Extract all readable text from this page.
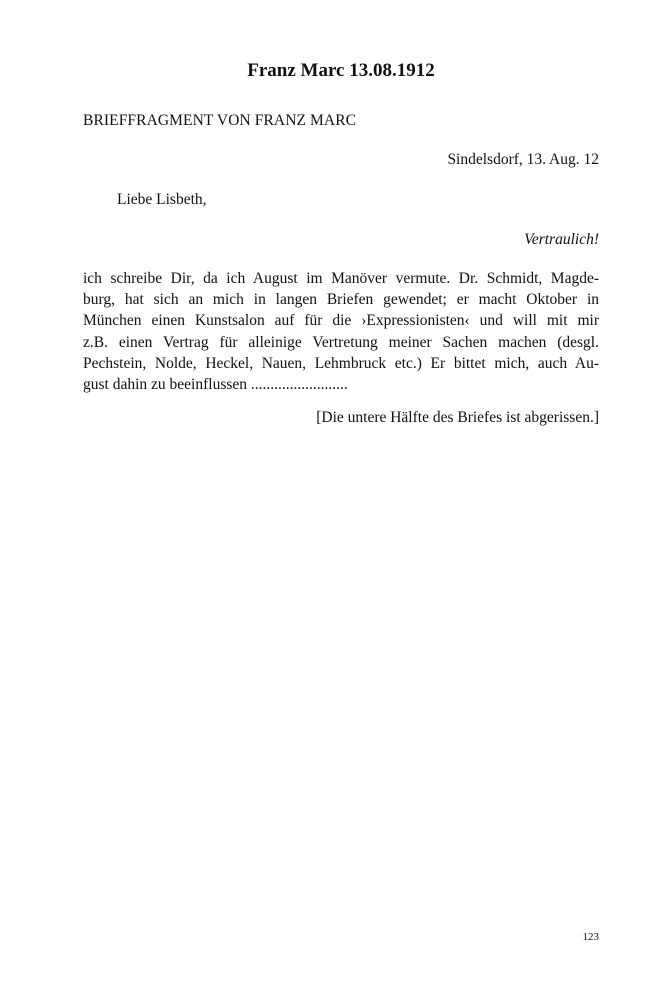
Franz Marc 13.08.1912

BRIEFFRAGMENT VON FRANZ MARC

Sindelsdorf, 13. Aug. 12

Liebe Lisbeth,

Vertraulich!

ich schreibe Dir, da ich August im Manöver vermute. Dr. Schmidt, Magde-
burg, hat sich an mich in langen Briefen gewendet; er macht Oktober in
München einen Kunstsalon auf für die ›Expressionisten‹ und will mit mir
z.B. einen Vertrag für alleinige Vertretung meiner Sachen machen (desgl.
Pechstein, Nolde, Heckel, Nauen, Lehmbruck etc.) Er bittet mich, auch Au-
gust dahin zu beeinflussen .........................

[Die untere Hälfte des Briefes ist abgerissen.]

123
